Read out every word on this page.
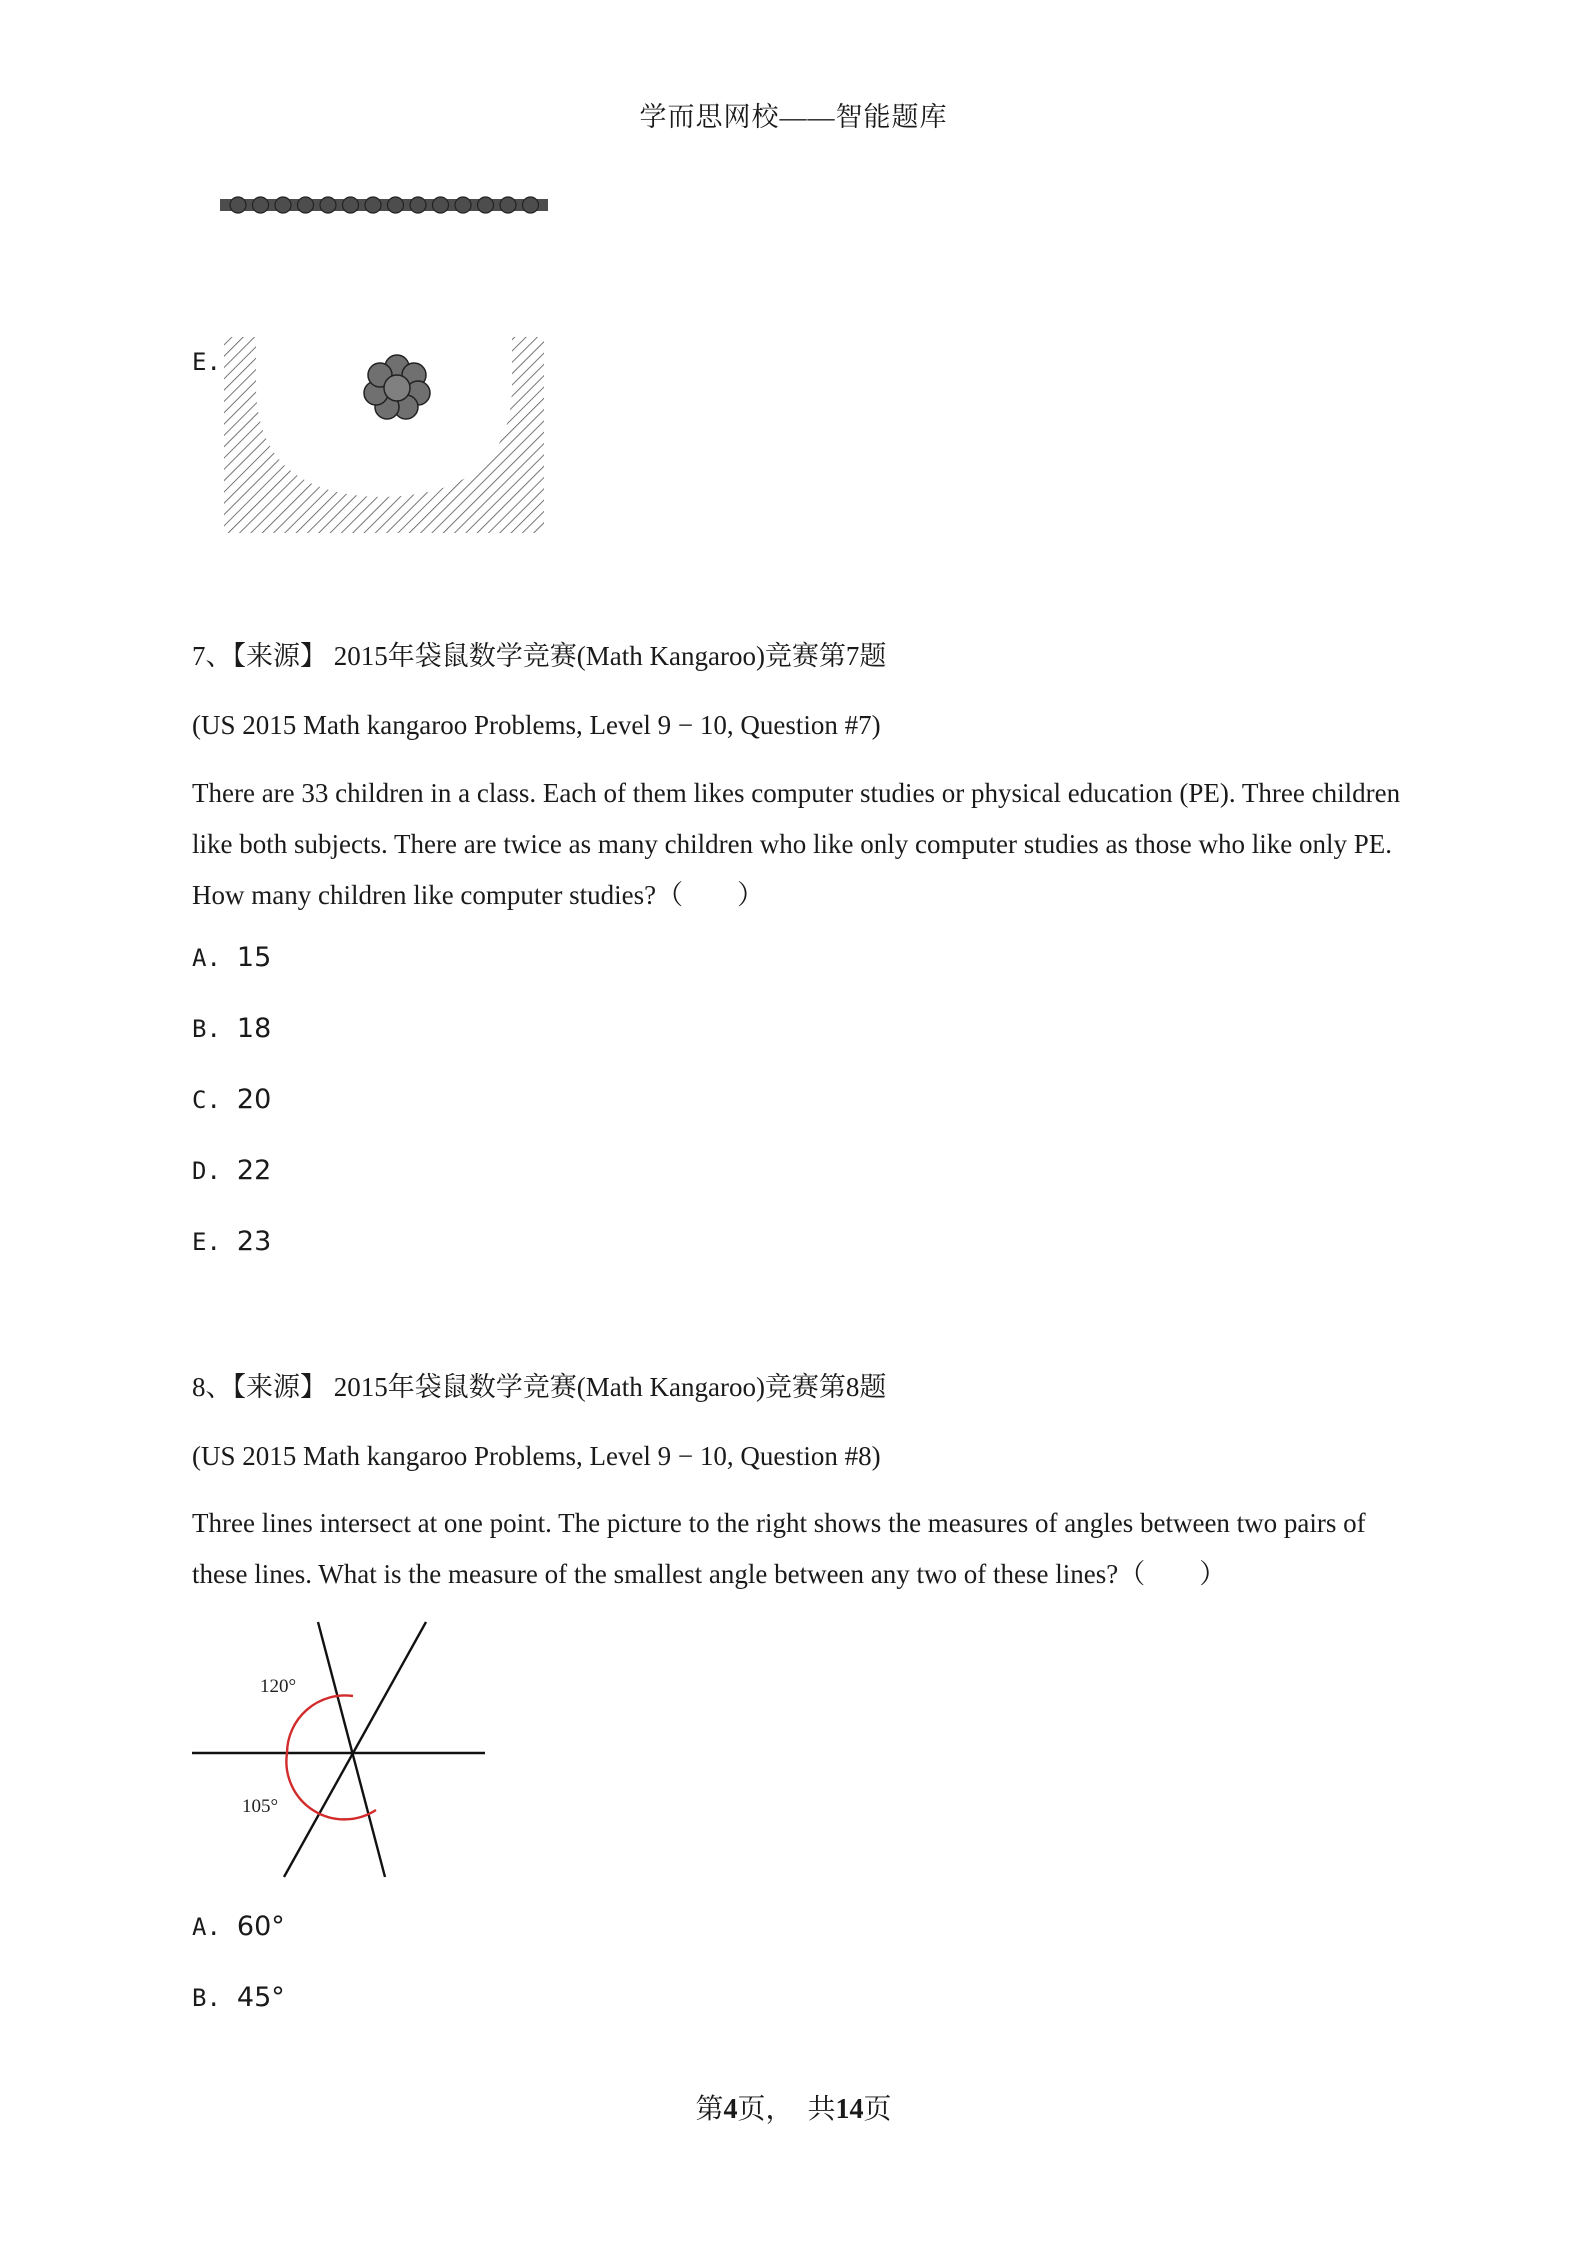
学而思网校——智能题库
E.
7、【来源】 2015年袋鼠数学竞赛(Math Kangaroo)竞赛第7题
(US 2015 Math kangaroo Problems, Level 9 − 10, Question #7)
There are 33 children in a class. Each of them likes computer studies or physical education (PE). Three children like both subjects. There are twice as many children who like only computer studies as those who like only PE. How many children like computer studies?（　　）
A. 15
B. 18
C. 20
D. 22
E. 23
8、【来源】 2015年袋鼠数学竞赛(Math Kangaroo)竞赛第8题
(US 2015 Math kangaroo Problems, Level 9 − 10, Question #8)
Three lines intersect at one point. The picture to the right shows the measures of angles between two pairs of these lines. What is the measure of the smallest angle between any two of these lines?（　　）
120°
105°
A. 60°
B. 45°
第4页，　共14页
